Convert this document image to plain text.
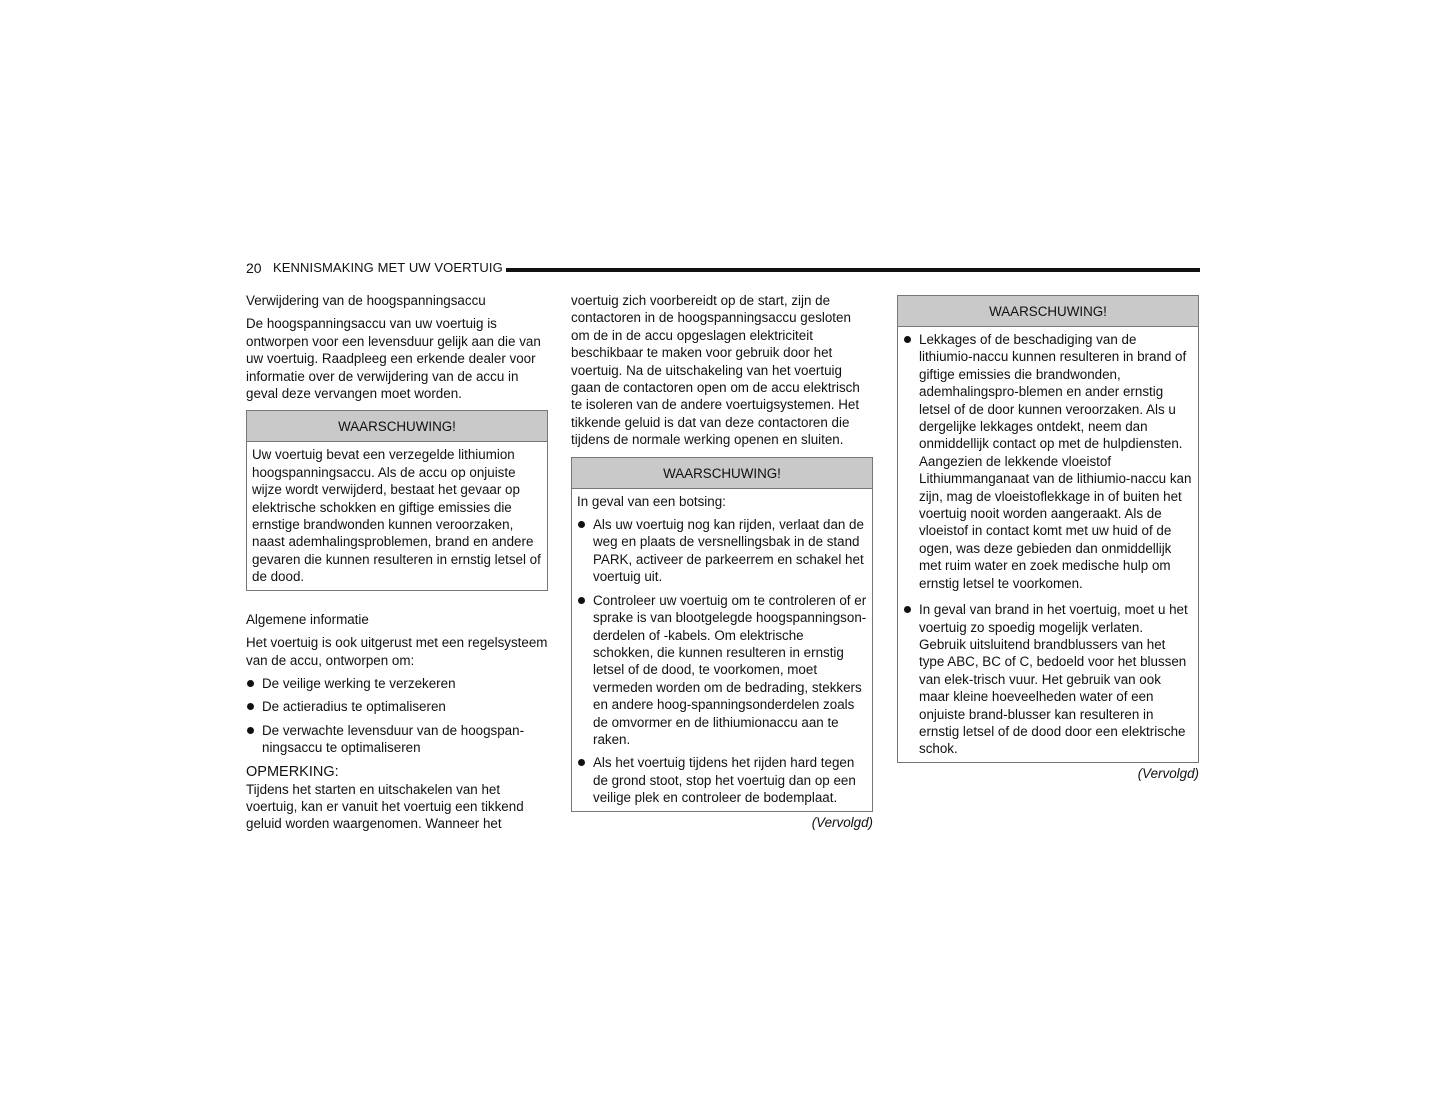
20 KENNISMAKING MET UW VOERTUIG
Verwijdering van de hoogspanningsaccu

De hoogspanningsaccu van uw voertuig is ontworpen voor een levensduur gelijk aan die van uw voertuig. Raadpleeg een erkende dealer voor informatie over de verwijdering van de accu in geval deze vervangen moet worden.

WAARSCHUWING!

Uw voertuig bevat een verzegelde lithiumion hoogspanningsaccu. Als de accu op onjuiste wijze wordt verwijderd, bestaat het gevaar op elektrische schokken en giftige emissies die ernstige brandwonden kunnen veroorzaken, naast ademhalingsproblemen, brand en andere gevaren die kunnen resulteren in ernstig letsel of de dood.

Algemene informatie

Het voertuig is ook uitgerust met een regelsysteem van de accu, ontworpen om:

De veilige werking te verzekeren
De actieradius te optimaliseren
De verwachte levensduur van de hoogspan-ningsaccu te optimaliseren
OPMERKING:

Tijdens het starten en uitschakelen van het voertuig, kan er vanuit het voertuig een tikkend geluid worden waargenomen. Wanneer het

voertuig zich voorbereidt op de start, zijn de contactoren in de hoogspanningsaccu gesloten om de in de accu opgeslagen elektriciteit beschikbaar te maken voor gebruik door het voertuig. Na de uitschakeling van het voertuig gaan de contactoren open om de accu elektrisch te isoleren van de andere voertuigsystemen. Het tikkende geluid is dat van deze contactoren die tijdens de normale werking openen en sluiten.

WAARSCHUWING!

In geval van een botsing:

Als uw voertuig nog kan rijden, verlaat dan de weg en plaats de versnellingsbak in de stand PARK, activeer de parkeerrem en schakel het voertuig uit.
Controleer uw voertuig om te controleren of er sprake is van blootgelegde hoogspanningson-derdelen of -kabels. Om elektrische schokken, die kunnen resulteren in ernstig letsel of de dood, te voorkomen, moet vermeden worden om de bedrading, stekkers en andere hoog-spanningsonderdelen zoals de omvormer en de lithiumionaccu aan te raken.
Als het voertuig tijdens het rijden hard tegen de grond stoot, stop het voertuig dan op een veilige plek en controleer de bodemplaat.

(Vervolgd)

WAARSCHUWING!
Lekkages of de beschadiging van de lithiumio-naccu kunnen resulteren in brand of giftige emissies die brandwonden, ademhalingspro-blemen en ander ernstig letsel of de door kunnen veroorzaken. Als u dergelijke lekkages ontdekt, neem dan onmiddellijk contact op met de hulpdiensten. Aangezien de lekkende vloeistof Lithiummanganaat van de lithiumio-naccu kan zijn, mag de vloeistoflekkage in of buiten het voertuig nooit worden aangeraakt. Als de vloeistof in contact komt met uw huid of de ogen, was deze gebieden dan onmiddellijk met ruim water en zoek medische hulp om ernstig letsel te voorkomen.
In geval van brand in het voertuig, moet u het voertuig zo spoedig mogelijk verlaten. Gebruik uitsluitend brandblussers van het type ABC, BC of C, bedoeld voor het blussen van elek-trisch vuur. Het gebruik van ook maar kleine hoeveelheden water of een onjuiste brand-blusser kan resulteren in ernstig letsel of de dood door een elektrische schok.

(Vervolgd)
